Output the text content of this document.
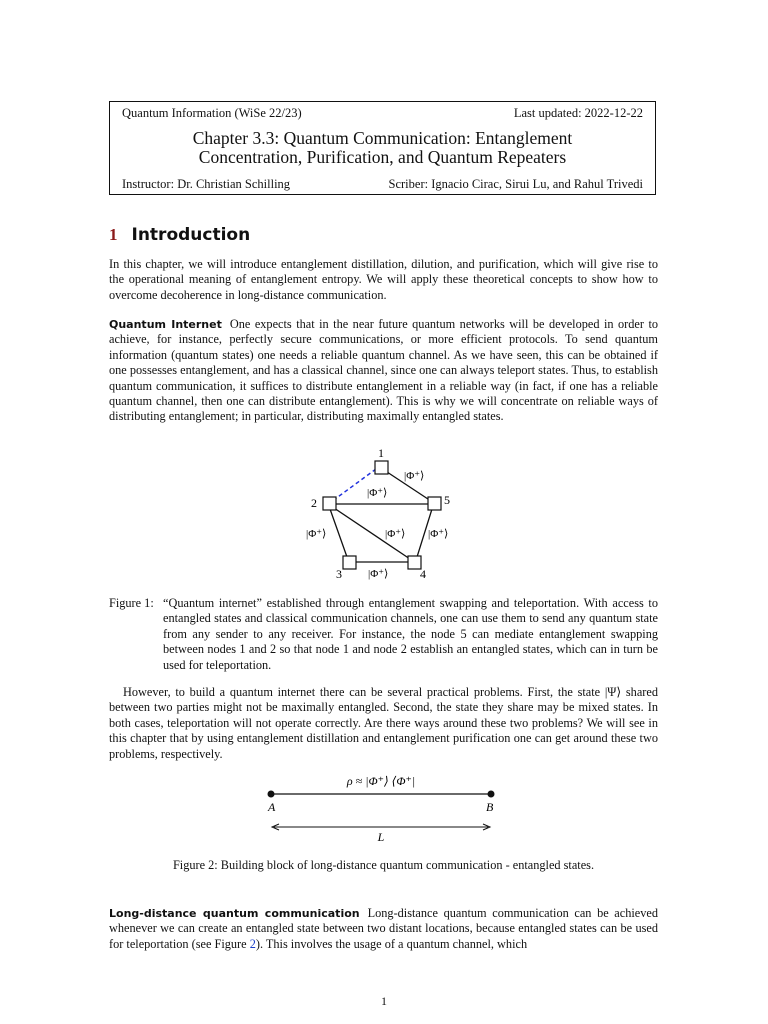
Quantum Information (WiSe 22/23)	Last updated: 2022-12-22
Chapter 3.3: Quantum Communication: Entanglement
Concentration, Purification, and Quantum Repeaters
Instructor: Dr. Christian Schilling	Scriber: Ignacio Cirac, Sirui Lu, and Rahul Trivedi
1 Introduction
In this chapter, we will introduce entanglement distillation, dilution, and purification, which will give rise to the operational meaning of entanglement entropy. We will apply these theoretical concepts to show how to overcome decoherence in long-distance communication.
Quantum Internet One expects that in the near future quantum networks will be developed in order to achieve, for instance, perfectly secure communications, or more efficient protocols. To send quantum information (quantum states) one needs a reliable quantum channel. As we have seen, this can be obtained if one possesses entanglement, and has a classical channel, since one can always teleport states. Thus, to establish quantum communication, it suffices to distribute entanglement in a reliable way (in fact, if one has a reliable quantum channel, then one can distribute entanglement). This is why we will concentrate on reliable ways of distributing entanglement; in particular, distributing maximally entangled states.
1
2
3	4
5
|Φ⁺⟩
|Φ⁺⟩
|Φ⁺⟩	|Φ⁺⟩ |Φ⁺⟩
|Φ⁺⟩
Figure 1: “Quantum internet” established through entanglement swapping and teleportation. With access to entangled states and classical communication channels, one can use them to send any quantum state from any sender to any receiver. For instance, the node 5 can mediate entanglement swapping between nodes 1 and 2 so that node 1 and node 2 establish an entangled states, which can in turn be used for teleportation.
However, to build a quantum internet there can be several practical problems. First, the state |Ψ⟩ shared between two parties might not be maximally entangled. Second, the state they share may be mixed states. In both cases, teleportation will not operate correctly. Are there ways around these two problems? We will see in this chapter that by using entanglement distillation and entanglement purification one can get around these two problems, respectively.
ρ ≈ |Φ⁺⟩ ⟨Φ⁺|
A	B
L
Figure 2: Building block of long-distance quantum communication - entangled states.
Long-distance quantum communication Long-distance quantum communication can be achieved whenever we can create an entangled state between two distant locations, because entangled states can be used for teleportation (see Figure 2). This involves the usage of a quantum channel, which
1
